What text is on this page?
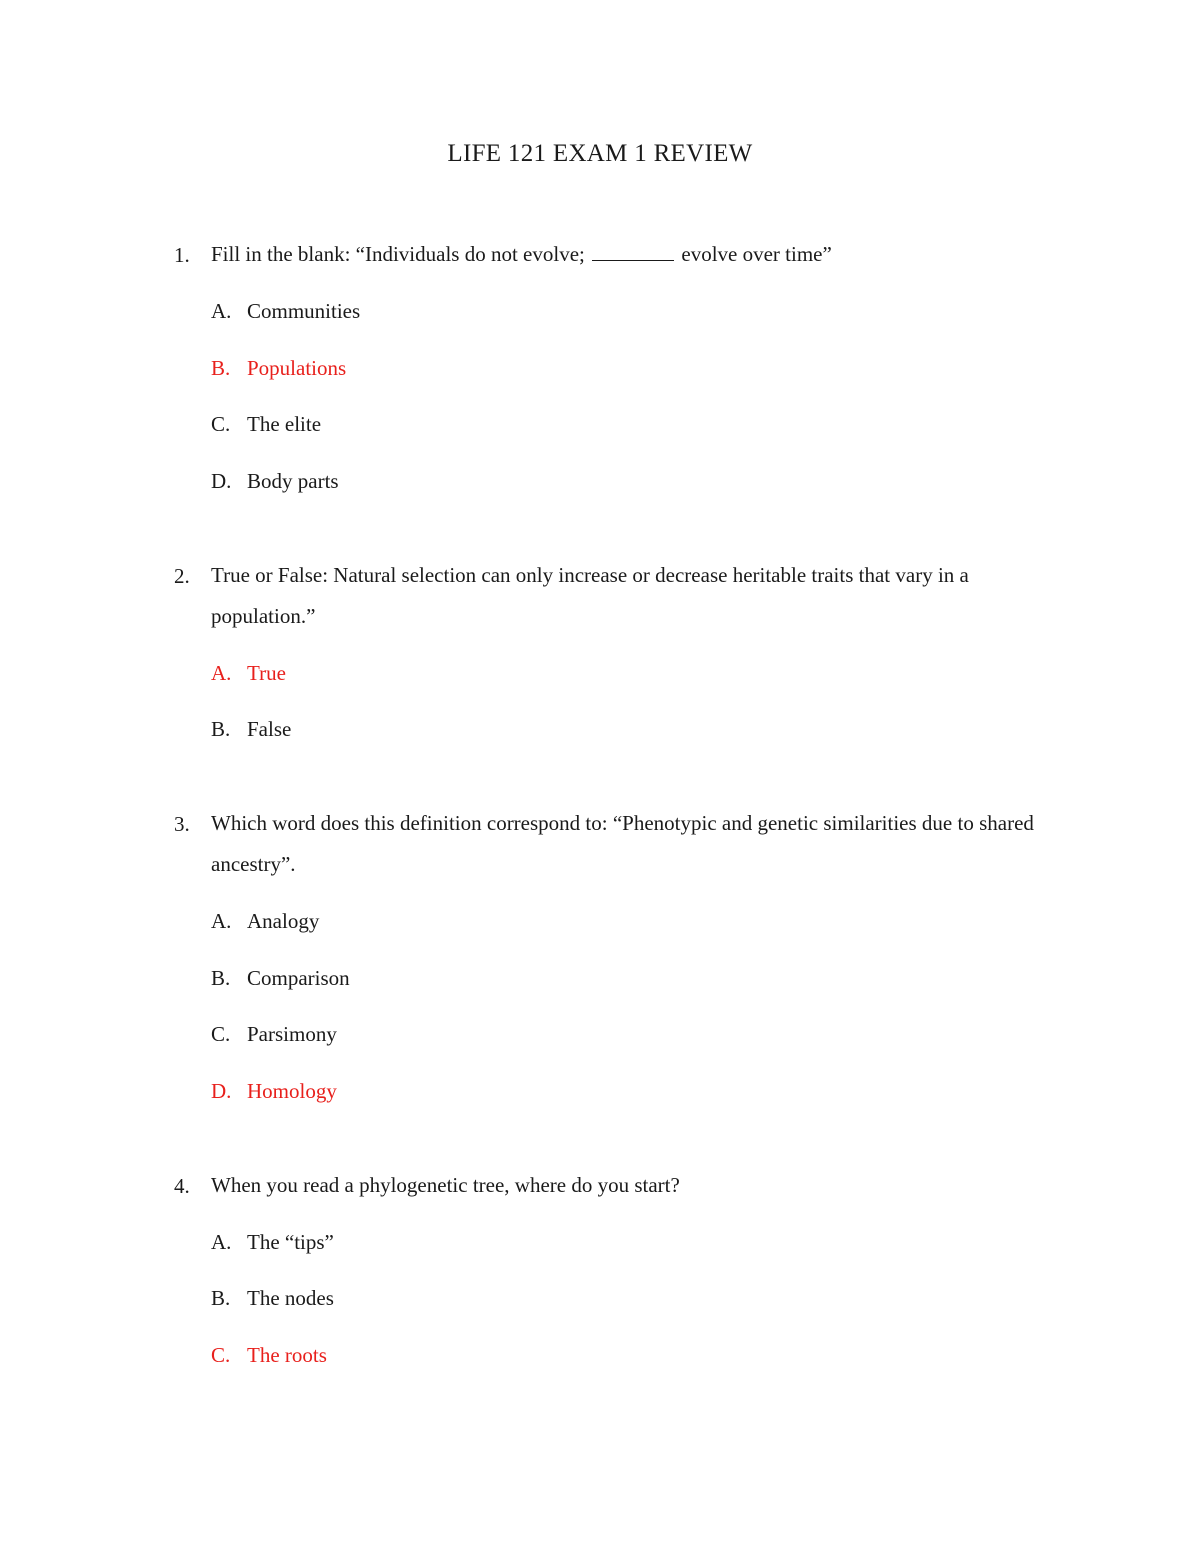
LIFE 121 EXAM 1 REVIEW
1. Fill in the blank: “Individuals do not evolve;	evolve over time”
A. Communities
B. Populations
C. The elite
D. Body parts
2. True or False: Natural selection can only increase or decrease heritable traits that vary in a population.”
A. True
B. False
3. Which word does this definition correspond to: “Phenotypic and genetic similarities due to shared ancestry”.
A. Analogy
B. Comparison
C. Parsimony
D. Homology
4. When you read a phylogenetic tree, where do you start?
A. The “tips”
B. The nodes
C. The roots
